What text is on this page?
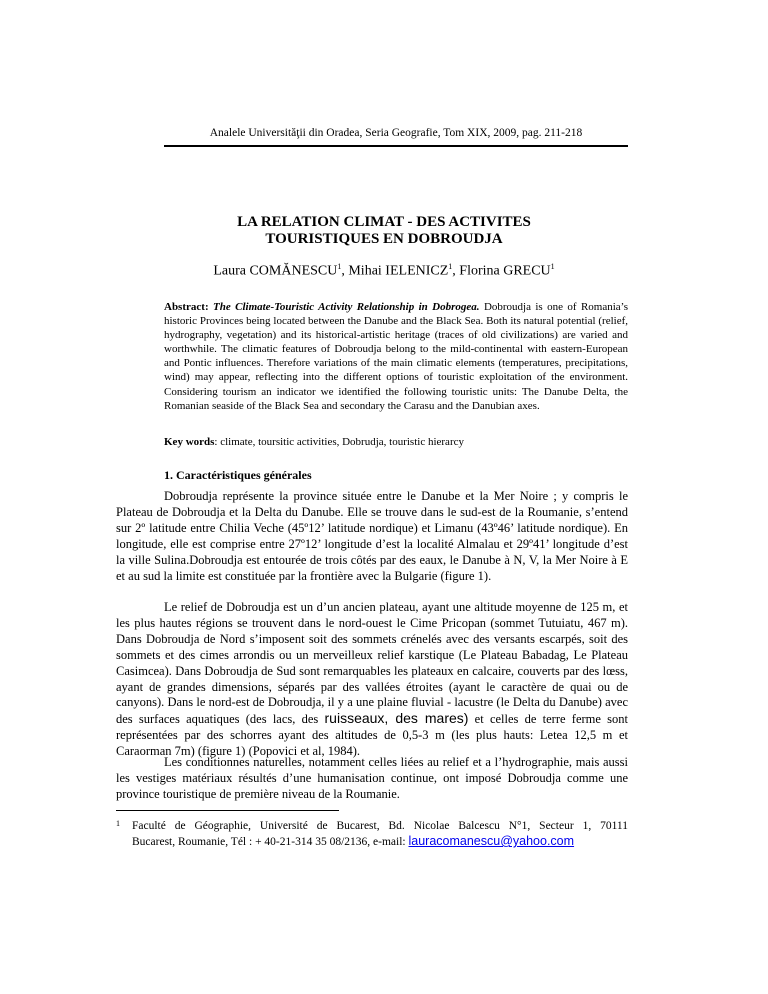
Analele Universităţii din Oradea, Seria Geografie, Tom XIX, 2009, pag. 211-218
LA RELATION CLIMAT - DES ACTIVITES
TOURISTIQUES EN DOBROUDJA
Laura COMĂNESCU$^1$, Mihai IELENICZ$^1$, Florina GRECU$^1$
Abstract: The Climate-Touristic Activity Relationship in Dobrogea. Dobroudja is one of Romania’s historic Provinces being located between the Danube and the Black Sea. Both its natural potential (relief, hydrography, vegetation) and its historical-artistic heritage (traces of old civilizations) are varied and worthwhile. The climatic features of Dobroudja belong to the mild-continental with eastern-European and Pontic influences. Therefore variations of the main climatic elements (temperatures, precipitations, wind) may appear, reflecting into the different options of touristic exploitation of the environment. Considering tourism an indicator we identified the following touristic units: The Danube Delta, the Romanian seaside of the Black Sea and secondary the Carasu and the Danubian axes.
Key words: climate, toursitic activities, Dobrudja, touristic hierarcy
1. Caractéristiques générales

Dobroudja représente la province située entre le Danube et la Mer Noire ; y compris le Plateau de Dobroudja et la Delta du Danube. Elle se trouve dans le sud-est de la Roumanie, s’entend sur 2º latitude entre Chilia Veche (45º12’ latitude nordique) et Limanu (43º46’ latitude nordique). En longitude, elle est comprise entre 27º12’ longitude d’est la localité Almalau et 29º41’ longitude d’est la ville Sulina.Dobroudja est entourée de trois côtés par des eaux, le Danube à N, V, la Mer Noire à E et au sud la limite est constituée par la frontière avec la Bulgarie (figure 1).

Le relief de Dobroudja est un d’un ancien plateau, ayant une altitude moyenne de 125 m, et les plus hautes régions se trouvent dans le nord-ouest le Cime Pricopan (sommet Tutuiatu, 467 m). Dans Dobroudja de Nord s’imposent soit des sommets crénelés avec des versants escarpés, soit des sommets et des cimes arrondis ou un merveilleux relief karstique (Le Plateau Babadag, Le Plateau Casimcea). Dans Dobroudja de Sud sont remarquables les plateaux en calcaire, couverts par des lœss, ayant de grandes dimensions, séparés par des vallées étroites (ayant le caractère de quai ou de canyons). Dans le nord-est de Dobroudja, il y a une plaine fluvial - lacustre (le Delta du Danube) avec des surfaces aquatiques (des lacs, des ruisseaux, des mares) et celles de terre ferme sont représentées par des schorres ayant des altitudes de 0,5-3 m (les plus hauts: Letea 12,5 m et Caraorman 7m) (figure 1) (Popovici et al, 1984).

Les conditionnes naturelles, notamment celles liées au relief et a l’hydrographie, mais aussi les vestiges matériaux résultés d’une humanisation continue, ont imposé Dobroudja comme une province touristique de première niveau de la Roumanie.

1	Faculté de Géographie, Université de Bucarest, Bd. Nicolae Balcescu N°1, Secteur 1, 70111
Bucarest, Roumanie, Tél : + 40-21-314 35 08/2136, e-mail: lauracomanescu@yahoo.com
